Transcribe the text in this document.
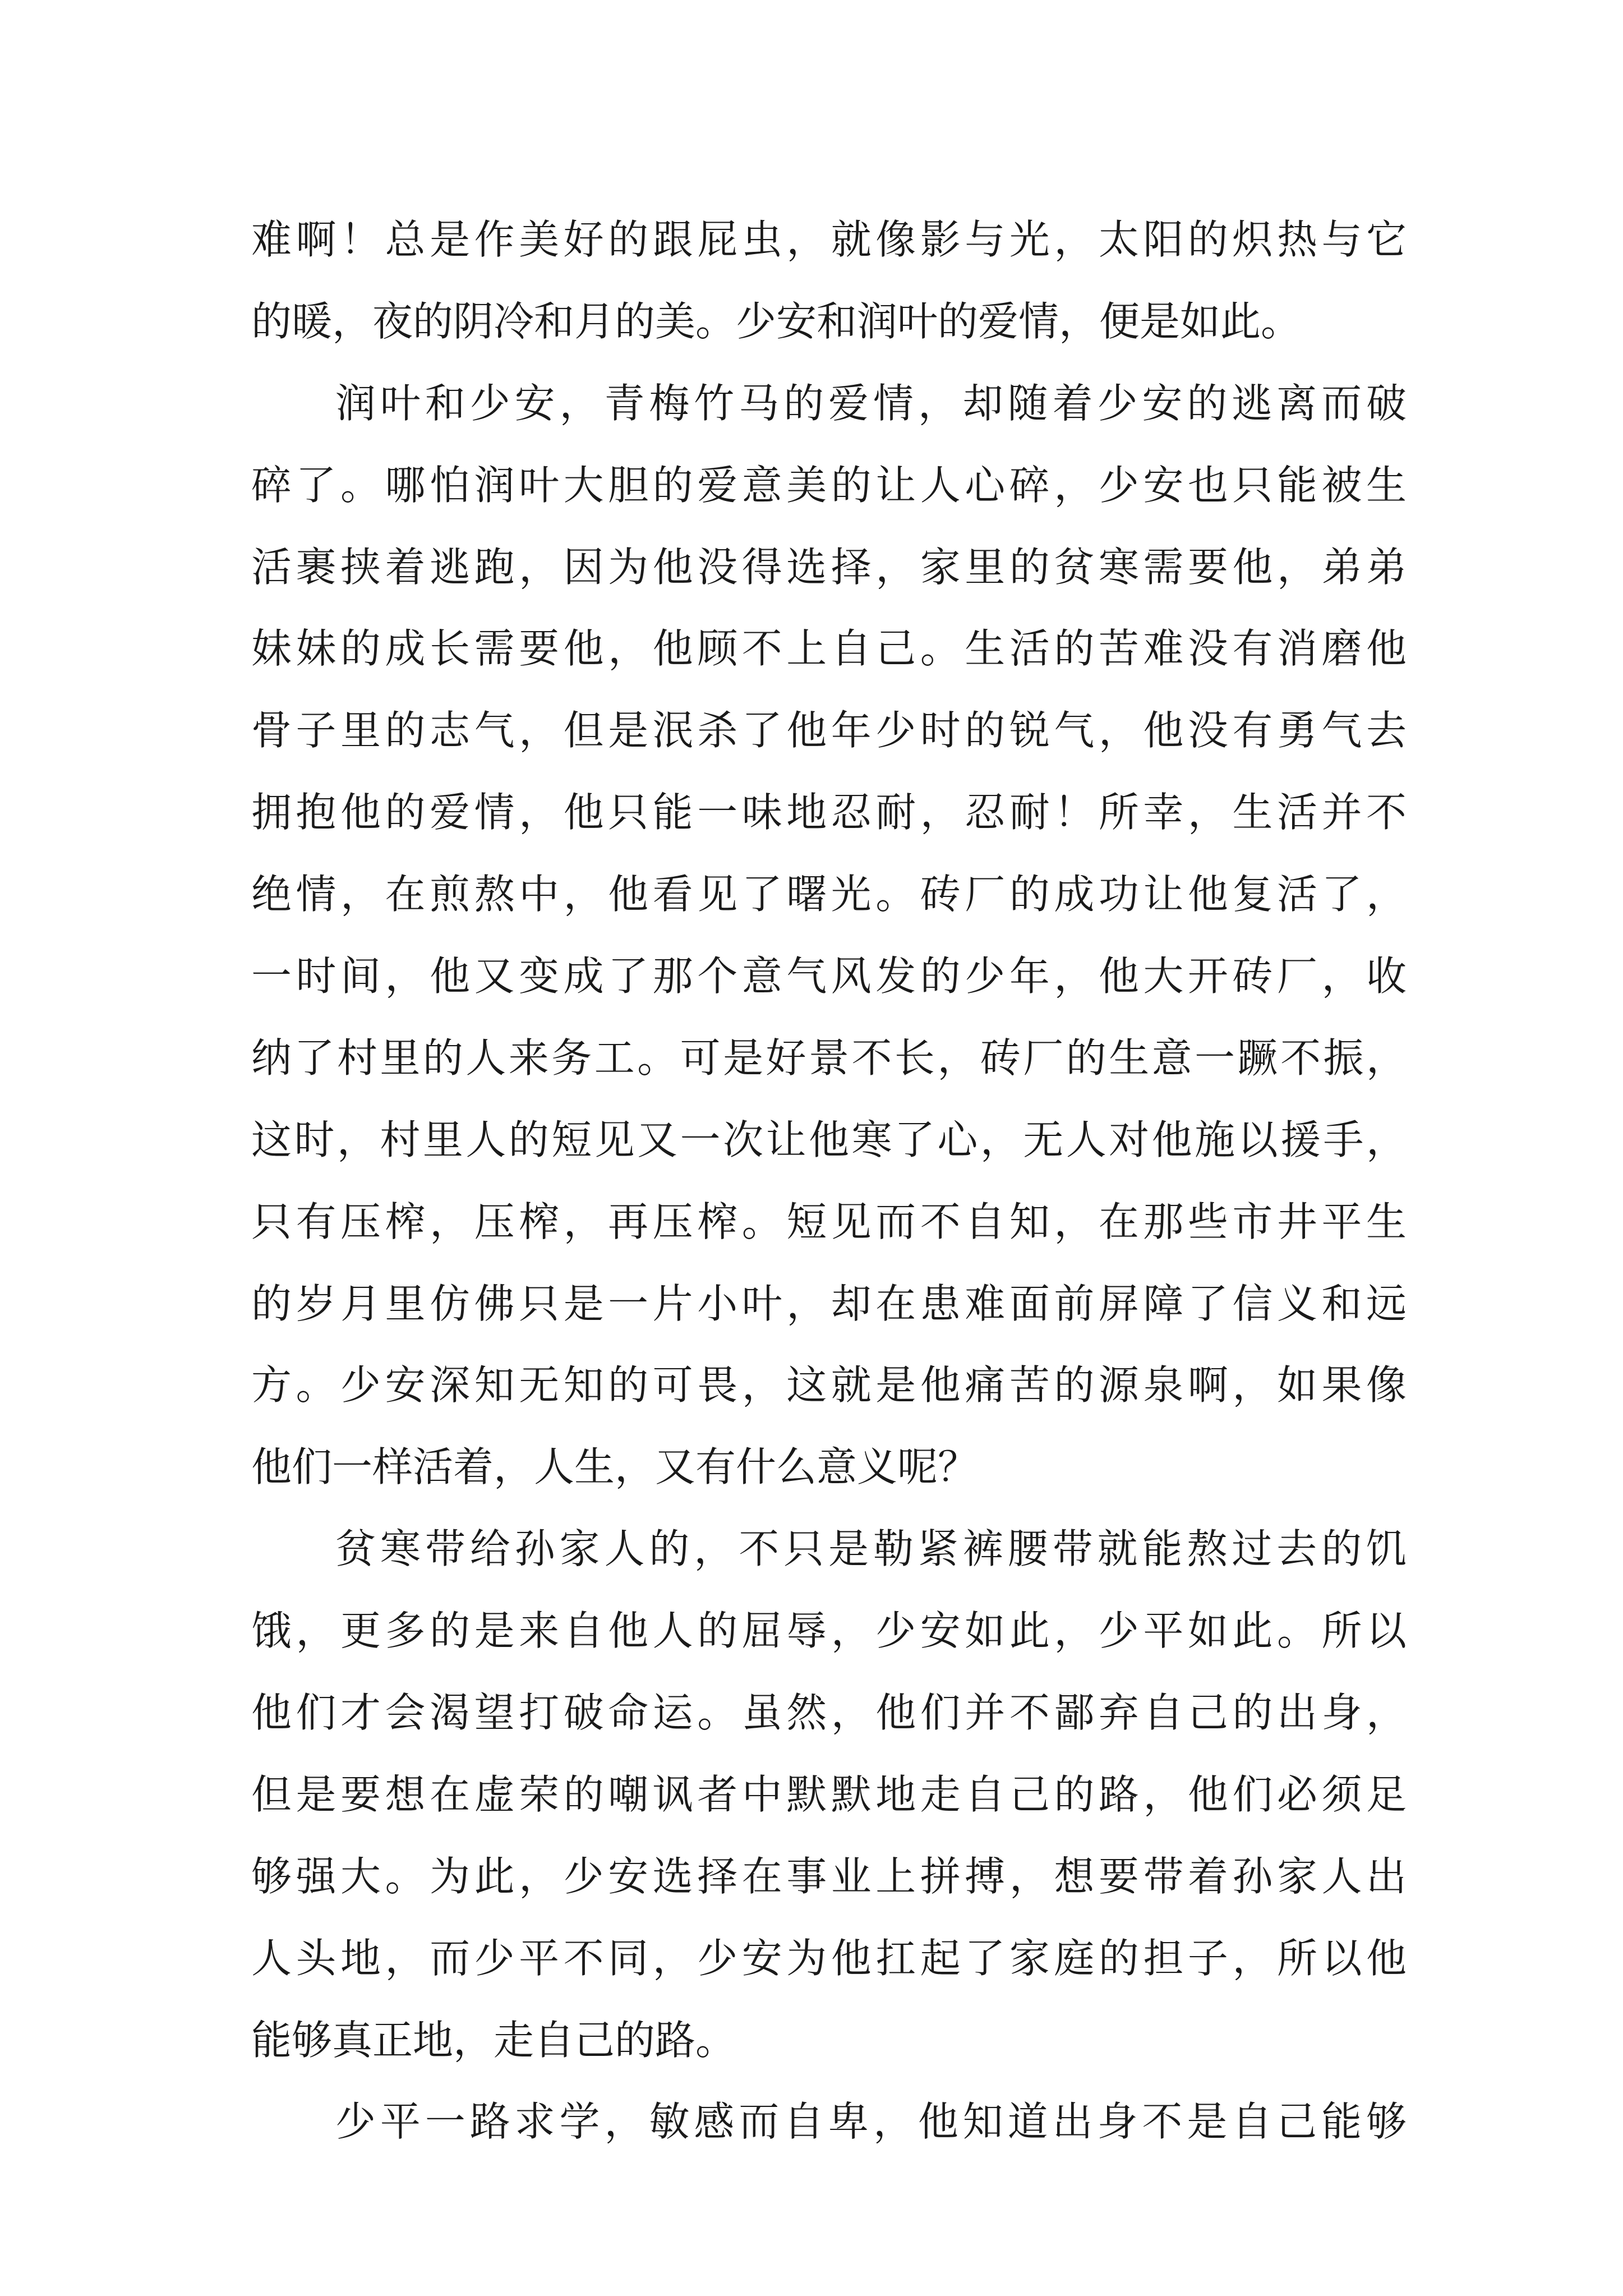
难啊！总是作美好的跟屁虫，就像影与光，太阳的炽热与它
的暖，夜的阴冷和月的美。少安和润叶的爱情，便是如此。
润叶和少安，青梅竹马的爱情，却随着少安的逃离而破
碎了。哪怕润叶大胆的爱意美的让人心碎，少安也只能被生
活裹挟着逃跑，因为他没得选择，家里的贫寒需要他，弟弟
妹妹的成长需要他，他顾不上自己。生活的苦难没有消磨他
骨子里的志气，但是泯杀了他年少时的锐气，他没有勇气去
拥抱他的爱情，他只能一味地忍耐，忍耐！所幸，生活并不
绝情，在煎熬中，他看见了曙光。砖厂的成功让他复活了，
一时间，他又变成了那个意气风发的少年，他大开砖厂，收
纳了村里的人来务工。可是好景不长，砖厂的生意一蹶不振，
这时，村里人的短见又一次让他寒了心，无人对他施以援手，
只有压榨，压榨，再压榨。短见而不自知，在那些市井平生
的岁月里仿佛只是一片小叶，却在患难面前屏障了信义和远
方。少安深知无知的可畏，这就是他痛苦的源泉啊，如果像
他们一样活着，人生，又有什么意义呢？
贫寒带给孙家人的，不只是勒紧裤腰带就能熬过去的饥
饿，更多的是来自他人的屈辱，少安如此，少平如此。所以
他们才会渴望打破命运。虽然，他们并不鄙弃自己的出身，
但是要想在虚荣的嘲讽者中默默地走自己的路，他们必须足
够强大。为此，少安选择在事业上拼搏，想要带着孙家人出
人头地，而少平不同，少安为他扛起了家庭的担子，所以他
能够真正地，走自己的路。
少平一路求学，敏感而自卑，他知道出身不是自己能够
